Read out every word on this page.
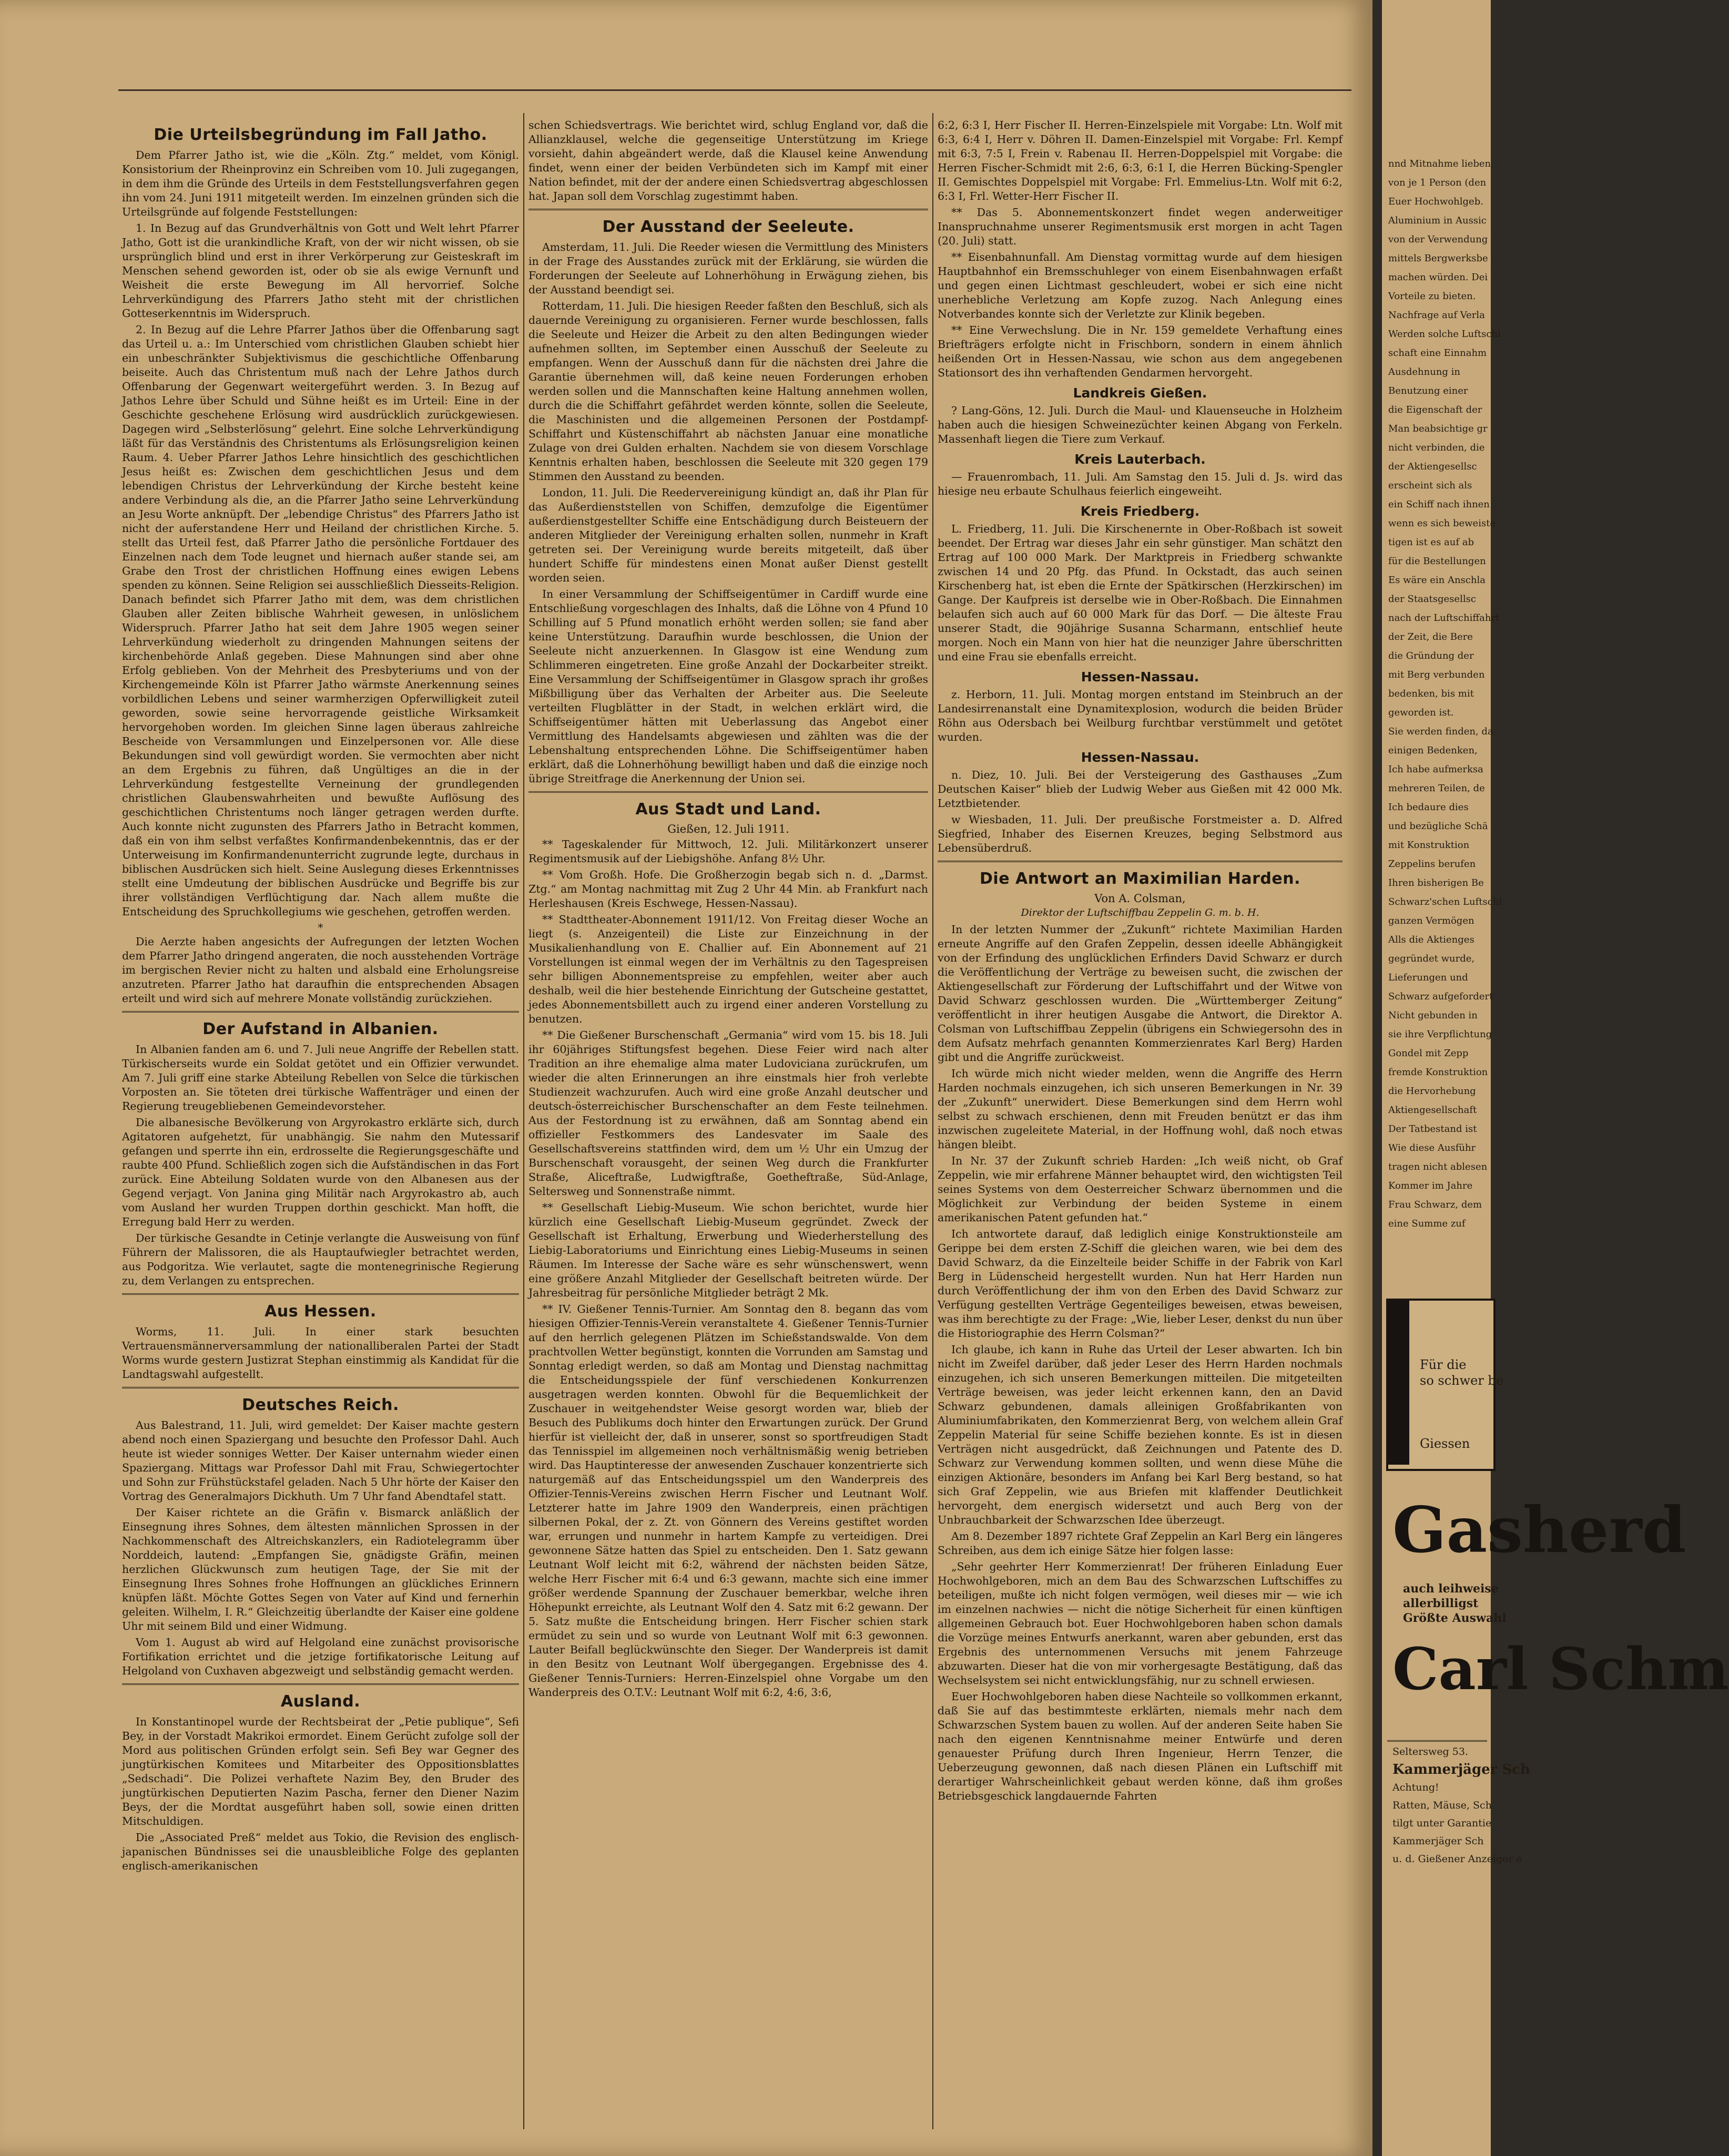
Die Urteilsbegründung im Fall Jatho.

Dem Pfarrer Jatho ist, wie die „Köln. Ztg.“ meldet, vom Königl. Konsistorium der Rheinprovinz ein Schreiben vom 10. Juli zugegangen, in dem ihm die Gründe des Urteils in dem Feststellungsverfahren gegen ihn vom 24. Juni 1911 mitgeteilt werden. Im einzelnen gründen sich die Urteilsgründe auf folgende Feststellungen:

1. In Bezug auf das Grundverhältnis von Gott und Welt lehrt Pfarrer Jatho, Gott ist die urankindliche Kraft, von der wir nicht wissen, ob sie ursprünglich blind und erst in ihrer Verkörperung zur Geisteskraft im Menschen sehend geworden ist, oder ob sie als ewige Vernunft und Weisheit die erste Bewegung im All hervorrief. Solche Lehrverkündigung des Pfarrers Jatho steht mit der christlichen Gotteserkenntnis im Widerspruch.

2. In Bezug auf die Lehre Pfarrer Jathos über die Offenbarung sagt das Urteil u. a.: Im Unterschied vom christlichen Glauben schiebt hier ein unbeschränkter Subjektivismus die geschichtliche Offenbarung beiseite. Auch das Christentum muß nach der Lehre Jathos durch Offenbarung der Gegenwart weitergeführt werden. 3. In Bezug auf Jathos Lehre über Schuld und Sühne heißt es im Urteil: Eine in der Geschichte geschehene Erlösung wird ausdrücklich zurückgewiesen. Dagegen wird „Selbsterlösung“ gelehrt. Eine solche Lehrverkündigung läßt für das Verständnis des Christentums als Erlösungsreligion keinen Raum. 4. Ueber Pfarrer Jathos Lehre hinsichtlich des geschichtlichen Jesus heißt es: Zwischen dem geschichtlichen Jesus und dem lebendigen Christus der Lehrverkündung der Kirche besteht keine andere Verbindung als die, an die Pfarrer Jatho seine Lehrverkündung an Jesu Worte anknüpft. Der „lebendige Christus“ des Pfarrers Jatho ist nicht der auferstandene Herr und Heiland der christlichen Kirche. 5. stellt das Urteil fest, daß Pfarrer Jatho die persönliche Fortdauer des Einzelnen nach dem Tode leugnet und hiernach außer stande sei, am Grabe den Trost der christlichen Hoffnung eines ewigen Lebens spenden zu können. Seine Religion sei ausschließlich Diesseits-Religion. Danach befindet sich Pfarrer Jatho mit dem, was dem christlichen Glauben aller Zeiten biblische Wahrheit gewesen, in unlöslichem Widerspruch. Pfarrer Jatho hat seit dem Jahre 1905 wegen seiner Lehrverkündung wiederholt zu dringenden Mahnungen seitens der kirchenbehörde Anlaß gegeben. Diese Mahnungen sind aber ohne Erfolg geblieben. Von der Mehrheit des Presbyteriums und von der Kirchengemeinde Köln ist Pfarrer Jatho wärmste Anerkennung seines vorbildlichen Lebens und seiner warmherzigen Opferwilligkeit zuteil geworden, sowie seine hervorragende geistliche Wirksamkeit hervorgehoben worden. Im gleichen Sinne lagen überaus zahlreiche Bescheide von Versammlungen und Einzelpersonen vor. Alle diese Bekundungen sind voll gewürdigt worden. Sie vermochten aber nicht an dem Ergebnis zu führen, daß Ungültiges an die in der Lehrverkündung festgestellte Verneinung der grundlegenden christlichen Glaubenswahrheiten und bewußte Auflösung des geschichtlichen Christentums noch länger getragen werden durfte. Auch konnte nicht zugunsten des Pfarrers Jatho in Betracht kommen, daß ein von ihm selbst verfaßtes Konfirmandenbekenntnis, das er der Unterweisung im Konfirmandenunterricht zugrunde legte, durchaus in biblischen Ausdrücken sich hielt. Seine Auslegung dieses Erkenntnisses stellt eine Umdeutung der biblischen Ausdrücke und Begriffe bis zur ihrer vollständigen Verflüchtigung dar. Nach allem mußte die Entscheidung des Spruchkollegiums wie geschehen, getroffen werden.

*

Die Aerzte haben angesichts der Aufregungen der letzten Wochen dem Pfarrer Jatho dringend angeraten, die noch ausstehenden Vorträge im bergischen Revier nicht zu halten und alsbald eine Erholungsreise anzutreten. Pfarrer Jatho hat daraufhin die entsprechenden Absagen erteilt und wird sich auf mehrere Monate vollständig zurückziehen.

Der Aufstand in Albanien.

In Albanien fanden am 6. und 7. Juli neue Angriffe der Rebellen statt. Türkischerseits wurde ein Soldat getötet und ein Offizier verwundet. Am 7. Juli griff eine starke Abteilung Rebellen von Selce die türkischen Vorposten an. Sie töteten drei türkische Waffenträger und einen der Regierung treugebliebenen Gemeindevorsteher.

Die albanesische Bevölkerung von Argyrokastro erklärte sich, durch Agitatoren aufgehetzt, für unabhängig. Sie nahm den Mutessarif gefangen und sperrte ihn ein, erdrosselte die Regierungsgeschäfte und raubte 400 Pfund. Schließlich zogen sich die Aufständischen in das Fort zurück. Eine Abteilung Soldaten wurde von den Albanesen aus der Gegend verjagt. Von Janina ging Militär nach Argyrokastro ab, auch vom Ausland her wurden Truppen dorthin geschickt. Man hofft, die Erregung bald Herr zu werden.

Der türkische Gesandte in Cetinje verlangte die Ausweisung von fünf Führern der Malissoren, die als Hauptaufwiegler betrachtet werden, aus Podgoritza. Wie verlautet, sagte die montenegrinische Regierung zu, dem Verlangen zu entsprechen.

Aus Hessen.

Worms, 11. Juli. In einer stark besuchten Vertrauensmännerversammlung der nationalliberalen Partei der Stadt Worms wurde gestern Justizrat Stephan einstimmig als Kandidat für die Landtagswahl aufgestellt.

Deutsches Reich.

Aus Balestrand, 11. Juli, wird gemeldet: Der Kaiser machte gestern abend noch einen Spaziergang und besuchte den Professor Dahl. Auch heute ist wieder sonniges Wetter. Der Kaiser unternahm wieder einen Spaziergang. Mittags war Professor Dahl mit Frau, Schwiegertochter und Sohn zur Frühstückstafel geladen. Nach 5 Uhr hörte der Kaiser den Vortrag des Generalmajors Dickhuth. Um 7 Uhr fand Abendtafel statt.

Der Kaiser richtete an die Gräfin v. Bismarck anläßlich der Einsegnung ihres Sohnes, dem ältesten männlichen Sprossen in der Nachkommenschaft des Altreichskanzlers, ein Radiotelegramm über Norddeich, lautend: „Empfangen Sie, gnädigste Gräfin, meinen herzlichen Glückwunsch zum heutigen Tage, der Sie mit der Einsegnung Ihres Sohnes frohe Hoffnungen an glückliches Erinnern knüpfen läßt. Möchte Gottes Segen von Vater auf Kind und fernerhin geleiten. Wilhelm, I. R.“ Gleichzeitig überlandte der Kaiser eine goldene Uhr mit seinem Bild und einer Widmung.

Vom 1. August ab wird auf Helgoland eine zunächst provisorische Fortifikation errichtet und die jetzige fortifikatorische Leitung auf Helgoland von Cuxhaven abgezweigt und selbständig gemacht werden.

Ausland.

In Konstantinopel wurde der Rechtsbeirat der „Petie publique“, Sefi Bey, in der Vorstadt Makrikoi ermordet. Einem Gerücht zufolge soll der Mord aus politischen Gründen erfolgt sein. Sefi Bey war Gegner des jungtürkischen Komitees und Mitarbeiter des Oppositionsblattes „Sedschadi“. Die Polizei verhaftete Nazim Bey, den Bruder des jungtürkischen Deputierten Nazim Pascha, ferner den Diener Nazim Beys, der die Mordtat ausgeführt haben soll, sowie einen dritten Mitschuldigen.

Die „Associated Preß“ meldet aus Tokio, die Revision des englisch-japanischen Bündnisses sei die unausbleibliche Folge des geplanten englisch-amerikanischen

schen Schiedsvertrags. Wie berichtet wird, schlug England vor, daß die Allianzklausel, welche die gegenseitige Unterstützung im Kriege vorsieht, dahin abgeändert werde, daß die Klausel keine Anwendung findet, wenn einer der beiden Verbündeten sich im Kampf mit einer Nation befindet, mit der der andere einen Schiedsvertrag abgeschlossen hat. Japan soll dem Vorschlag zugestimmt haben.

Der Ausstand der Seeleute.

Amsterdam, 11. Juli. Die Reeder wiesen die Vermittlung des Ministers in der Frage des Ausstandes zurück mit der Erklärung, sie würden die Forderungen der Seeleute auf Lohnerhöhung in Erwägung ziehen, bis der Ausstand beendigt sei.

Rotterdam, 11. Juli. Die hiesigen Reeder faßten den Beschluß, sich als dauernde Vereinigung zu organisieren. Ferner wurde beschlossen, falls die Seeleute und Heizer die Arbeit zu den alten Bedingungen wieder aufnehmen sollten, im September einen Ausschuß der Seeleute zu empfangen. Wenn der Ausschuß dann für die nächsten drei Jahre die Garantie übernehmen will, daß keine neuen Forderungen erhoben werden sollen und die Mannschaften keine Haltung annehmen wollen, durch die die Schiffahrt gefährdet werden könnte, sollen die Seeleute, die Maschinisten und die allgemeinen Personen der Postdampf-Schiffahrt und Küstenschiffahrt ab nächsten Januar eine monatliche Zulage von drei Gulden erhalten. Nachdem sie von diesem Vorschlage Kenntnis erhalten haben, beschlossen die Seeleute mit 320 gegen 179 Stimmen den Ausstand zu beenden.

London, 11. Juli. Die Reedervereinigung kündigt an, daß ihr Plan für das Außerdienststellen von Schiffen, demzufolge die Eigentümer außerdienstgestellter Schiffe eine Entschädigung durch Beisteuern der anderen Mitglieder der Vereinigung erhalten sollen, nunmehr in Kraft getreten sei. Der Vereinigung wurde bereits mitgeteilt, daß über hundert Schiffe für mindestens einen Monat außer Dienst gestellt worden seien.

In einer Versammlung der Schiffseigentümer in Cardiff wurde eine Entschließung vorgeschlagen des Inhalts, daß die Löhne von 4 Pfund 10 Schilling auf 5 Pfund monatlich erhöht werden sollen; sie fand aber keine Unterstützung. Daraufhin wurde beschlossen, die Union der Seeleute nicht anzuerkennen. In Glasgow ist eine Wendung zum Schlimmeren eingetreten. Eine große Anzahl der Dockarbeiter streikt. Eine Versammlung der Schiffseigentümer in Glasgow sprach ihr großes Mißbilligung über das Verhalten der Arbeiter aus. Die Seeleute verteilten Flugblätter in der Stadt, in welchen erklärt wird, die Schiffseigentümer hätten mit Ueberlassung das Angebot einer Vermittlung des Handelsamts abgewiesen und zählten was die der Lebenshaltung entsprechenden Löhne. Die Schiffseigentümer haben erklärt, daß die Lohnerhöhung bewilligt haben und daß die einzige noch übrige Streitfrage die Anerkennung der Union sei.

Aus Stadt und Land.
Gießen, 12. Juli 1911.

** Tageskalender für Mittwoch, 12. Juli. Militärkonzert unserer Regimentsmusik auf der Liebigshöhe. Anfang 8½ Uhr.

** Vom Großh. Hofe. Die Großherzogin begab sich n. d. „Darmst. Ztg.“ am Montag nachmittag mit Zug 2 Uhr 44 Min. ab Frankfurt nach Herleshausen (Kreis Eschwege, Hessen-Nassau).

** Stadttheater-Abonnement 1911/12. Von Freitag dieser Woche an liegt (s. Anzeigenteil) die Liste zur Einzeichnung in der Musikalienhandlung von E. Challier auf. Ein Abonnement auf 21 Vorstellungen ist einmal wegen der im Verhältnis zu den Tagespreisen sehr billigen Abonnementspreise zu empfehlen, weiter aber auch deshalb, weil die hier bestehende Einrichtung der Gutscheine gestattet, jedes Abonnementsbillett auch zu irgend einer anderen Vorstellung zu benutzen.

** Die Gießener Burschenschaft „Germania“ wird vom 15. bis 18. Juli ihr 60jähriges Stiftungsfest begehen. Diese Feier wird nach alter Tradition an ihre ehemalige alma mater Ludoviciana zurückrufen, um wieder die alten Erinnerungen an ihre einstmals hier froh verlebte Studienzeit wachzurufen. Auch wird eine große Anzahl deutscher und deutsch-österreichischer Burschenschafter an dem Feste teilnehmen. Aus der Festordnung ist zu erwähnen, daß am Sonntag abend ein offizieller Festkommers des Landesvater im Saale des Gesellschaftsvereins stattfinden wird, dem um ½ Uhr ein Umzug der Burschenschaft vorausgeht, der seinen Weg durch die Frankfurter Straße, Aliceftraße, Ludwigftraße, Goetheftraße, Süd-Anlage, Seltersweg und Sonnenstraße nimmt.

** Gesellschaft Liebig-Museum. Wie schon berichtet, wurde hier kürzlich eine Gesellschaft Liebig-Museum gegründet. Zweck der Gesellschaft ist Erhaltung, Erwerbung und Wiederherstellung des Liebig-Laboratoriums und Einrichtung eines Liebig-Museums in seinen Räumen. Im Interesse der Sache wäre es sehr wünschenswert, wenn eine größere Anzahl Mitglieder der Gesellschaft beitreten würde. Der Jahresbeitrag für persönliche Mitglieder beträgt 2 Mk.

** IV. Gießener Tennis-Turnier. Am Sonntag den 8. begann das vom hiesigen Offizier-Tennis-Verein veranstaltete 4. Gießener Tennis-Turnier auf den herrlich gelegenen Plätzen im Schießstandswalde. Von dem prachtvollen Wetter begünstigt, konnten die Vorrunden am Samstag und Sonntag erledigt werden, so daß am Montag und Dienstag nachmittag die Entscheidungsspiele der fünf verschiedenen Konkurrenzen ausgetragen werden konnten. Obwohl für die Bequemlichkeit der Zuschauer in weitgehendster Weise gesorgt worden war, blieb der Besuch des Publikums doch hinter den Erwartungen zurück. Der Grund hierfür ist vielleicht der, daß in unserer, sonst so sportfreudigen Stadt das Tennisspiel im allgemeinen noch verhältnismäßig wenig betrieben wird. Das Hauptinteresse der anwesenden Zuschauer konzentrierte sich naturgemäß auf das Entscheidungsspiel um den Wanderpreis des Offizier-Tennis-Vereins zwischen Herrn Fischer und Leutnant Wolf. Letzterer hatte im Jahre 1909 den Wanderpreis, einen prächtigen silbernen Pokal, der z. Zt. von Gönnern des Vereins gestiftet worden war, errungen und nunmehr in hartem Kampfe zu verteidigen. Drei gewonnene Sätze hatten das Spiel zu entscheiden. Den 1. Satz gewann Leutnant Wolf leicht mit 6:2, während der nächsten beiden Sätze, welche Herr Fischer mit 6:4 und 6:3 gewann, machte sich eine immer größer werdende Spannung der Zuschauer bemerkbar, welche ihren Höhepunkt erreichte, als Leutnant Wolf den 4. Satz mit 6:2 gewann. Der 5. Satz mußte die Entscheidung bringen. Herr Fischer schien stark ermüdet zu sein und so wurde von Leutnant Wolf mit 6:3 gewonnen. Lauter Beifall beglückwünschte den Sieger. Der Wanderpreis ist damit in den Besitz von Leutnant Wolf übergegangen. Ergebnisse des 4. Gießener Tennis-Turniers: Herren-Einzelspiel ohne Vorgabe um den Wanderpreis des O.T.V.: Leutnant Wolf mit 6:2, 4:6, 3:6,

6:2, 6:3 I, Herr Fischer II. Herren-Einzelspiele mit Vorgabe: Ltn. Wolf mit 6:3, 6:4 I, Herr v. Döhren II. Damen-Einzelspiel mit Vorgabe: Frl. Kempf mit 6:3, 7:5 I, Frein v. Rabenau II. Herren-Doppelspiel mit Vorgabe: die Herren Fischer-Schmidt mit 2:6, 6:3, 6:1 I, die Herren Bücking-Spengler II. Gemischtes Doppelspiel mit Vorgabe: Frl. Emmelius-Ltn. Wolf mit 6:2, 6:3 I, Frl. Wetter-Herr Fischer II.

** Das 5. Abonnementskonzert findet wegen anderweitiger Inanspruchnahme unserer Regimentsmusik erst morgen in acht Tagen (20. Juli) statt.

** Eisenbahnunfall. Am Dienstag vormittag wurde auf dem hiesigen Hauptbahnhof ein Bremsschuhleger von einem Eisenbahnwagen erfaßt und gegen einen Lichtmast geschleudert, wobei er sich eine nicht unerhebliche Verletzung am Kopfe zuzog. Nach Anlegung eines Notverbandes konnte sich der Verletzte zur Klinik begeben.

** Eine Verwechslung. Die in Nr. 159 gemeldete Verhaftung eines Briefträgers erfolgte nicht in Frischborn, sondern in einem ähnlich heißenden Ort in Hessen-Nassau, wie schon aus dem angegebenen Stationsort des ihn verhaftenden Gendarmen hervorgeht.

Landkreis Gießen.

? Lang-Göns, 12. Juli. Durch die Maul- und Klauenseuche in Holzheim haben auch die hiesigen Schweinezüchter keinen Abgang von Ferkeln. Massenhaft liegen die Tiere zum Verkauf.

Kreis Lauterbach.

— Frauenrombach, 11. Juli. Am Samstag den 15. Juli d. Js. wird das hiesige neu erbaute Schulhaus feierlich eingeweiht.

Kreis Friedberg.

L. Friedberg, 11. Juli. Die Kirschenernte in Ober-Roßbach ist soweit beendet. Der Ertrag war dieses Jahr ein sehr günstiger. Man schätzt den Ertrag auf 100 000 Mark. Der Marktpreis in Friedberg schwankte zwischen 14 und 20 Pfg. das Pfund. In Ockstadt, das auch seinen Kirschenberg hat, ist eben die Ernte der Spätkirschen (Herzkirschen) im Gange. Der Kaufpreis ist derselbe wie in Ober-Roßbach. Die Einnahmen belaufen sich auch auf 60 000 Mark für das Dorf. — Die älteste Frau unserer Stadt, die 90jährige Susanna Scharmann, entschlief heute morgen. Noch ein Mann von hier hat die neunziger Jahre überschritten und eine Frau sie ebenfalls erreicht.

Hessen-Nassau.

z. Herborn, 11. Juli. Montag morgen entstand im Steinbruch an der Landesirrenanstalt eine Dynamitexplosion, wodurch die beiden Brüder Röhn aus Odersbach bei Weilburg furchtbar verstümmelt und getötet wurden.

Hessen-Nassau.

n. Diez, 10. Juli. Bei der Versteigerung des Gasthauses „Zum Deutschen Kaiser“ blieb der Ludwig Weber aus Gießen mit 42 000 Mk. Letztbietender.

w Wiesbaden, 11. Juli. Der preußische Forstmeister a. D. Alfred Siegfried, Inhaber des Eisernen Kreuzes, beging Selbstmord aus Lebensüberdruß.

Die Antwort an Maximilian Harden.
Von A. Colsman,
Direktor der Luftschiffbau Zeppelin G. m. b. H.

In der letzten Nummer der „Zukunft“ richtete Maximilian Harden erneute Angriffe auf den Grafen Zeppelin, dessen ideelle Abhängigkeit von der Erfindung des unglücklichen Erfinders David Schwarz er durch die Veröffentlichung der Verträge zu beweisen sucht, die zwischen der Aktiengesellschaft zur Förderung der Luftschiffahrt und der Witwe von David Schwarz geschlossen wurden. Die „Württemberger Zeitung“ veröffentlicht in ihrer heutigen Ausgabe die Antwort, die Direktor A. Colsman von Luftschiffbau Zeppelin (übrigens ein Schwiegersohn des in dem Aufsatz mehrfach genannten Kommerzienrates Karl Berg) Harden gibt und die Angriffe zurückweist.

Ich würde mich nicht wieder melden, wenn die Angriffe des Herrn Harden nochmals einzugehen, ich sich unseren Bemerkungen in Nr. 39 der „Zukunft“ unerwidert. Diese Bemerkungen sind dem Herrn wohl selbst zu schwach erschienen, denn mit Freuden benützt er das ihm inzwischen zugeleitete Material, in der Hoffnung wohl, daß noch etwas hängen bleibt.

In Nr. 37 der Zukunft schrieb Harden: „Ich weiß nicht, ob Graf Zeppelin, wie mir erfahrene Männer behauptet wird, den wichtigsten Teil seines Systems von dem Oesterreicher Schwarz übernommen und die Möglichkeit zur Verbindung der beiden Systeme in einem amerikanischen Patent gefunden hat.“

Ich antwortete darauf, daß lediglich einige Konstruktionsteile am Gerippe bei dem ersten Z-Schiff die gleichen waren, wie bei dem des David Schwarz, da die Einzelteile beider Schiffe in der Fabrik von Karl Berg in Lüdenscheid hergestellt wurden. Nun hat Herr Harden nun durch Veröffentlichung der ihm von den Erben des David Schwarz zur Verfügung gestellten Verträge Gegenteiliges beweisen, etwas beweisen, was ihm berechtigte zu der Frage: „Wie, lieber Leser, denkst du nun über die Historiographie des Herrn Colsman?“

Ich glaube, ich kann in Ruhe das Urteil der Leser abwarten. Ich bin nicht im Zweifel darüber, daß jeder Leser des Herrn Harden nochmals einzugehen, ich sich unseren Bemerkungen mitteilen. Die mitgeteilten Verträge beweisen, was jeder leicht erkennen kann, den an David Schwarz gebundenen, damals alleinigen Großfabrikanten von Aluminiumfabrikaten, den Kommerzienrat Berg, von welchem allein Graf Zeppelin Material für seine Schiffe beziehen konnte. Es ist in diesen Verträgen nicht ausgedrückt, daß Zeichnungen und Patente des D. Schwarz zur Verwendung kommen sollten, und wenn diese Mühe die einzigen Aktionäre, besonders im Anfang bei Karl Berg bestand, so hat sich Graf Zeppelin, wie aus Briefen mit klaffender Deutlichkeit hervorgeht, dem energisch widersetzt und auch Berg von der Unbrauchbarkeit der Schwarzschen Idee überzeugt.

Am 8. Dezember 1897 richtete Graf Zeppelin an Karl Berg ein längeres Schreiben, aus dem ich einige Sätze hier folgen lasse:

„Sehr geehrter Herr Kommerzienrat! Der früheren Einladung Euer Hochwohlgeboren, mich an dem Bau des Schwarzschen Luftschiffes zu beteiligen, mußte ich nicht folgen vermögen, weil dieses mir — wie ich im einzelnen nachwies — nicht die nötige Sicherheit für einen künftigen allgemeinen Gebrauch bot. Euer Hochwohlgeboren haben schon damals die Vorzüge meines Entwurfs anerkannt, waren aber gebunden, erst das Ergebnis des unternommenen Versuchs mit jenem Fahrzeuge abzuwarten. Dieser hat die von mir vorhergesagte Bestätigung, daß das Wechselsystem sei nicht entwicklungsfähig, nur zu schnell erwiesen.

Euer Hochwohlgeboren haben diese Nachteile so vollkommen erkannt, daß Sie auf das bestimmteste erklärten, niemals mehr nach dem Schwarzschen System bauen zu wollen. Auf der anderen Seite haben Sie nach den eigenen Kenntnisnahme meiner Entwürfe und deren genauester Prüfung durch Ihren Ingenieur, Herrn Tenzer, die Ueberzeugung gewonnen, daß nach diesen Plänen ein Luftschiff mit derartiger Wahrscheinlichkeit gebaut werden könne, daß ihm großes Betriebsgeschick langdauernde Fahrten

nnd Mitnahme lieben
von je 1 Person (den
Euer Hochwohlgeb.
Aluminium in Aussic
von der Verwendung
mittels Bergwerksbe
machen würden. Dei
Vorteile zu bieten.
Nachfrage auf Verla
Werden solche Luftschi
schaft eine Einnahm
Ausdehnung in
Benutzung einer
die Eigenschaft der
Man beabsichtige gr
nicht verbinden, die
der Aktiengesellsc
erscheint sich als
ein Schiff nach ihnen
wenn es sich beweiste
tigen ist es auf ab
für die Bestellungen
Es wäre ein Anschla
der Staatsgesellsc
nach der Luftschiffahrt
der Zeit, die Bere
die Gründung der
mit Berg verbunden
bedenken, bis mit
geworden ist.
Sie werden finden, da
einigen Bedenken,
Ich habe aufmerksa
mehreren Teilen, de
Ich bedaure dies
und bezügliche Schä
mit Konstruktion
Zeppelins berufen
Ihren bisherigen Be
Schwarz'schen Luftschi
ganzen Vermögen
Alls die Aktienges
gegründet wurde,
Lieferungen und
Schwarz aufgefordert
Nicht gebunden in
sie ihre Verpflichtung
Gondel mit Zepp
fremde Konstruktion
die Hervorhebung
Aktiengesellschaft
Der Tatbestand ist
Wie diese Ausführ
tragen nicht ablesen
Kommer im Jahre
Frau Schwarz, dem
eine Summe zuf
Für die
so schwer be
Giessen
Gasherd
auch leihweise
allerbilligst
Größte Auswahl
Carl Schm
Seltersweg 53.
Kammerjäger Sch
Achtung!
Ratten, Mäuse, Sch
tilgt unter Garantie
Kammerjäger Sch
u. d. Gießener Anzeiger e
